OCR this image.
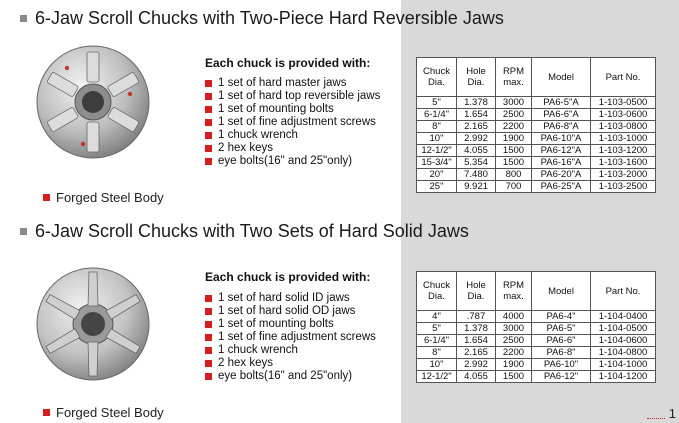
6-Jaw Scroll Chucks with Two-Piece Hard Reversible Jaws
Forged Steel Body
Each chuck is provided with:
1 set of hard master jaws
1 set of hard top reversible jaws
1 set of mounting bolts
1 set of fine adjustment screws
1 chuck wrench
2 hex keys
eye bolts(16" and 25"only)
Chuck Dia.	Hole Dia.	RPM max.	Model	Part No.
5"	1.378	3000	PA6-5"A	1-103-0500
6-1/4"	1.654	2500	PA6-6"A	1-103-0600
8"	2.165	2200	PA6-8"A	1-103-0800
10"	2.992	1900	PA6-10"A	1-103-1000
12-1/2"	4.055	1500	PA6-12"A	1-103-1200
15-3/4"	5.354	1500	PA6-16"A	1-103-1600
20"	7.480	800	PA6-20"A	1-103-2000
25"	9.921	700	PA6-25"A	1-103-2500
6-Jaw Scroll Chucks with Two Sets of Hard Solid Jaws
Forged Steel Body
Each chuck is provided with:
1 set of hard solid ID jaws
1 set of hard solid OD jaws
1 set of mounting bolts
1 set of fine adjustment screws
1 chuck wrench
2 hex keys
eye bolts(16" and 25"only)
Chuck Dia.	Hole Dia.	RPM max.	Model	Part No.
4"	.787	4000	PA6-4"	1-104-0400
5"	1.378	3000	PA6-5"	1-104-0500
6-1/4"	1.654	2500	PA6-6"	1-104-0600
8"	2.165	2200	PA6-8"	1-104-0800
10"	2.992	1900	PA6-10"	1-104-1000
12-1/2"	4.055	1500	PA6-12"	1-104-1200
1
